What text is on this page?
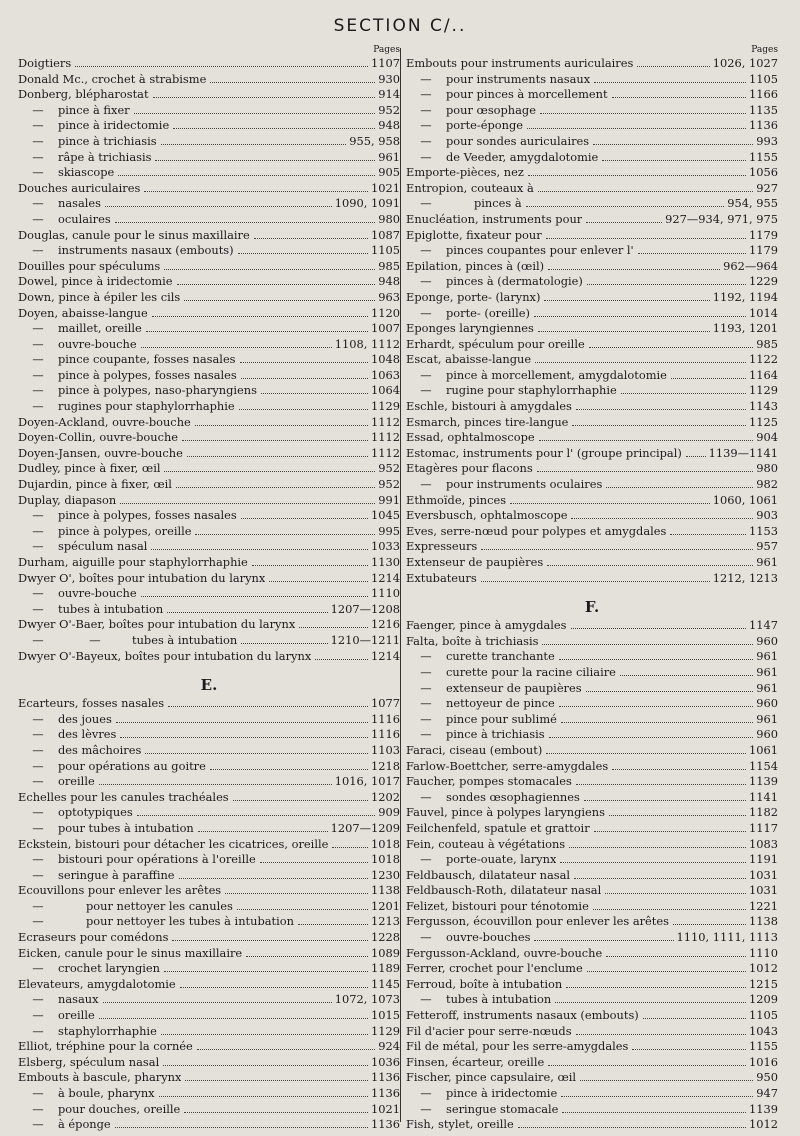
SECTION C/..
Pages
Doigtiers	1107
Donald Mc., crochet à strabisme	930
Donberg, blépharostat	914
—	pince à fixer	952
—	pince à iridectomie	948
—	pince à trichiasis	955, 958
—	râpe à trichiasis	961
—	skiascope	905
Douches auriculaires	1021
—	nasales	1090, 1091
—	oculaires	980
Douglas, canule pour le sinus maxillaire	1087
—	instruments nasaux (embouts)	1105
Douilles pour spéculums	985
Dowel, pince à iridectomie	948
Down, pince à épiler les cils	963
Doyen, abaisse-langue	1120
—	maillet, oreille	1007
—	ouvre-bouche	1108, 1112
—	pince coupante, fosses nasales	1048
—	pince à polypes, fosses nasales	1063
—	pince à polypes, naso-pharyngiens	1064
—	rugines pour staphylorrhaphie	1129
Doyen-Ackland, ouvre-bouche	1112
Doyen-Collin, ouvre-bouche	1112
Doyen-Jansen, ouvre-bouche	1112
Dudley, pince à fixer, œil	952
Dujardin, pince à fixer, œil	952
Duplay, diapason	991
—	pince à polypes, fosses nasales	1045
—	pince à polypes, oreille	995
—	spéculum nasal	1033
Durham, aiguille pour staphylorrhaphie	1130
Dwyer O', boîtes pour intubation du larynx	1214
—	ouvre-bouche	1110
—	tubes à intubation	1207—1208
Dwyer O'-Baer, boîtes pour intubation du larynx	1216
—	—	tubes à intubation	1210—1211
Dwyer O'-Bayeux, boîtes pour intubation du larynx	1214
E.
Ecarteurs, fosses nasales	1077
—	des joues	1116
—	des lèvres	1116
—	des mâchoires	1103
—	pour opérations au goitre	1218
—	oreille	1016, 1017
Echelles pour les canules trachéales	1202
—	optotypiques	909
—	pour tubes à intubation	1207—1209
Eckstein, bistouri pour détacher les cicatrices, oreille	1018
—	bistouri pour opérations à l'oreille	1018
—	seringue à paraffine	1230
Ecouvillons pour enlever les arêtes	1138
—	pour nettoyer les canules	1201
—	pour nettoyer les tubes à intubation	1213
Ecraseurs pour comédons	1228
Eicken, canule pour le sinus maxillaire	1089
—	crochet laryngien	1189
Elevateurs, amygdalotomie	1145
—	nasaux	1072, 1073
—	oreille	1015
—	staphylorrhaphie	1129
Elliot, tréphine pour la cornée	924
Elsberg, spéculum nasal	1036
Embouts à bascule, pharynx	1136
—	à boule, pharynx	1136
—	pour douches, oreille	1021
—	à éponge	1136
Pages
Embouts pour instruments auriculaires	1026, 1027
—	pour instruments nasaux	1105
—	pour pinces à morcellement	1166
—	pour œsophage	1135
—	porte-éponge	1136
—	pour sondes auriculaires	993
—	de Veeder, amygdalotomie	1155
Emporte-pièces, nez	1056
Entropion, couteaux à	927
—	pinces à	954, 955
Enucléation, instruments pour	927—934, 971, 975
Epiglotte, fixateur pour	1179
—	pinces coupantes pour enlever l'	1179
Epilation, pinces à (œil)	962—964
—	pinces à (dermatologie)	1229
Eponge, porte- (larynx)	1192, 1194
—	porte- (oreille)	1014
Eponges laryngiennes	1193, 1201
Erhardt, spéculum pour oreille	985
Escat, abaisse-langue	1122
—	pince à morcellement, amygdalotomie	1164
—	rugine pour staphylorrhaphie	1129
Eschle, bistouri à amygdales	1143
Esmarch, pinces tire-langue	1125
Essad, ophtalmoscope	904
Estomac, instruments pour l' (groupe principal) 1139—1141
Etagères pour flacons	980
—	pour instruments oculaires	982
Ethmoïde, pinces	1060, 1061
Eversbusch, ophtalmoscope	903
Eves, serre-nœud pour polypes et amygdales	1153
Expresseurs	957
Extenseur de paupières	961
Extubateurs	1212, 1213
F.
Faenger, pince à amygdales	1147
Falta, boîte à trichiasis	960
—	curette tranchante	961
—	curette pour la racine ciliaire	961
—	extenseur de paupières	961
—	nettoyeur de pince	960
—	pince pour sublimé	961
—	pince à trichiasis	960
Faraci, ciseau (embout)	1061
Farlow-Boettcher, serre-amygdales	1154
Faucher, pompes stomacales	1139
—	sondes œsophagiennes	1141
Fauvel, pince à polypes laryngiens	1182
Feilchenfeld, spatule et grattoir	1117
Fein, couteau à végétations	1083
—	porte-ouate, larynx	1191
Feldbausch, dilatateur nasal	1031
Feldbausch-Roth, dilatateur nasal	1031
Felizet, bistouri pour ténotomie	1221
Fergusson, écouvillon pour enlever les arêtes	1138
—	ouvre-bouches	1110, 1111, 1113
Fergusson-Ackland, ouvre-bouche	1110
Ferrer, crochet pour l'enclume	1012
Ferroud, boîte à intubation	1215
—	tubes à intubation	1209
Fetteroff, instruments nasaux (embouts)	1105
Fil d'acier pour serre-nœuds	1043
Fil de métal, pour les serre-amygdales	1155
Finsen, écarteur, oreille	1016
Fischer, pince capsulaire, œil	950
—	pince à iridectomie	947
—	seringue stomacale	1139
Fish, stylet, oreille	1012
